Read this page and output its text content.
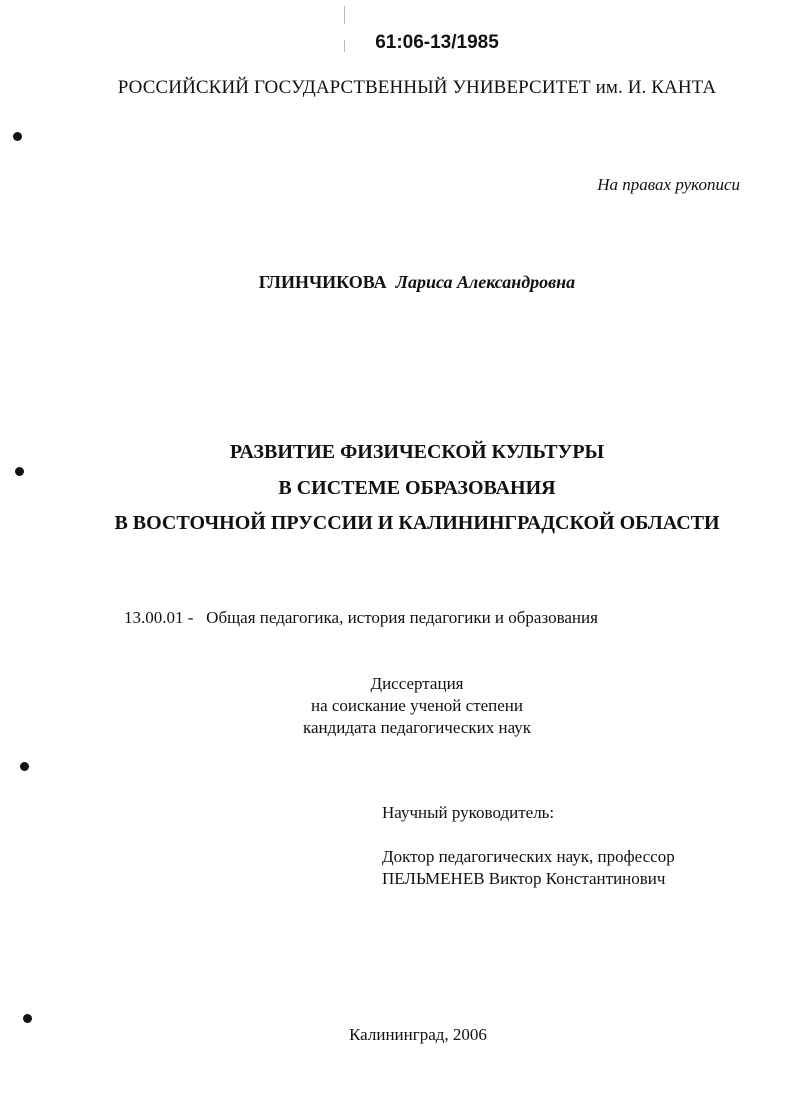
61:06-13/1985
РОССИЙСКИЙ ГОСУДАРСТВЕННЫЙ УНИВЕРСИТЕТ им. И. КАНТА
На правах рукописи
ГЛИНЧИКОВА Лариса Александровна
РАЗВИТИЕ ФИЗИЧЕСКОЙ КУЛЬТУРЫ
В СИСТЕМЕ ОБРАЗОВАНИЯ
В ВОСТОЧНОЙ ПРУССИИ И КАЛИНИНГРАДСКОЙ ОБЛАСТИ
13.00.01 -   Общая педагогика, история педагогики и образования
Диссертация
на соискание ученой степени
кандидата педагогических наук
Научный руководитель:
Доктор педагогических наук, профессор
ПЕЛЬМЕНЕВ Виктор Константинович
Калининград, 2006
